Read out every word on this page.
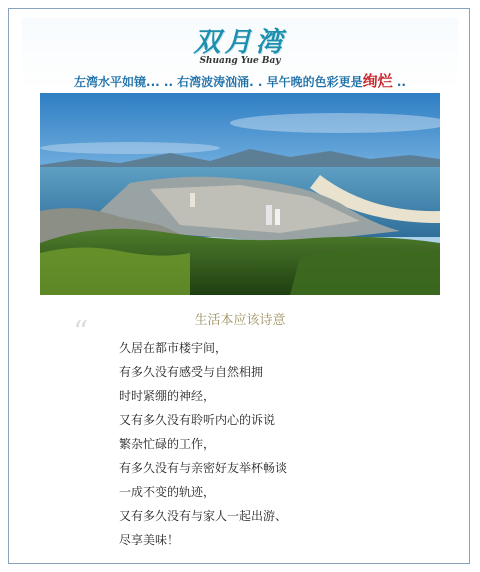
双月湾
Shuang Yue Bay
左湾水平如镜... .. 右湾波涛汹涌. . 早午晚的色彩更是绚烂 ..
“	生活本应该诗意
久居在都市楼宇间，
有多久没有感受与自然相拥
时时紧绷的神经，
又有多久没有聆听内心的诉说
繁杂忙碌的工作，
有多久没有与亲密好友举杯畅谈
一成不变的轨迹，
又有多久没有与家人一起出游、
尽享美味！
